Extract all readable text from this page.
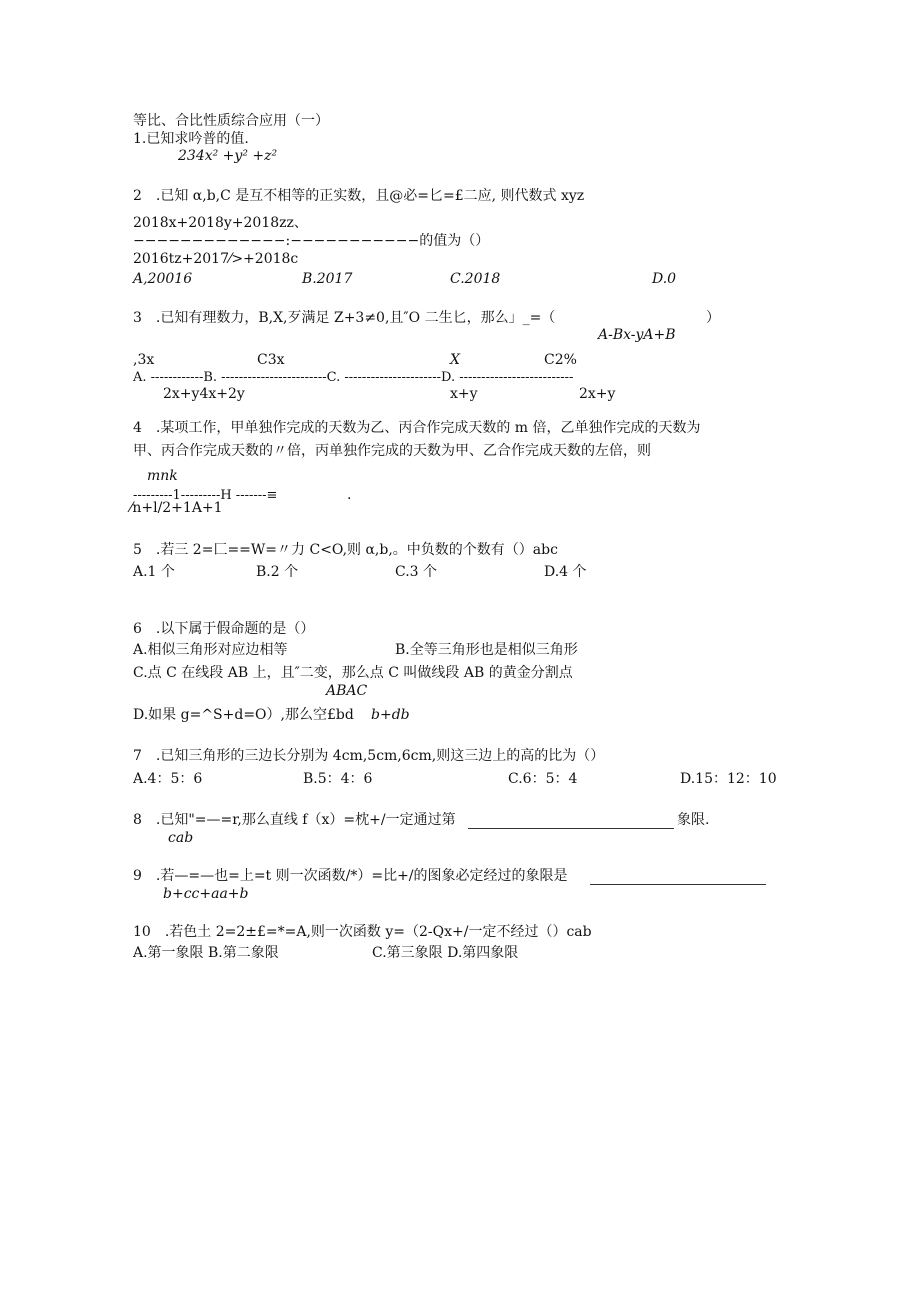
等比、合比性质综合应用（一）
1.已知求吟普的值.
234x² +y² +z²
2　.已知 α,b,C 是互不相等的正实数，且@必=匕=£二应, 则代数式 xyz
2018x+2018y+2018zz、
−−−−−−−−−−−−−:−−−−−−−−−−−的值为（）
2016tz+2017⁄>+2018c
A,20016	B.2017	C.2018	D.0
3　.已知有理数力，B,X,歹满足 Z+3≠0,且″O 二生匕，那么」_=（	）
A-Bx-yA+B
,3x	C3x	X	C2%
A. ------------B. ------------------------C. ----------------------D. --------------------------
2x+y4x+2y	x+y	2x+y
4　.某项工作，甲单独作完成的天数为乙、丙合作完成天数的 m 倍，乙单独作完成的天数为
甲、丙合作完成天数的〃倍，丙单独作完成的天数为甲、乙合作完成天数的左倍，则
mnk
---------1---------H -------≡	.
⁄n+l/2+1A+1
5　.若三 2=匚==W=〃力 C<O,则 α,b,。中负数的个数有（）abc
A.1 个	B.2 个	C.3 个	D.4 个
6　.以下属于假命题的是（）
A.相似三角形对应边相等	B.全等三角形也是相似三角形
C.点 C 在线段 AB 上，且″二变，那么点 C 叫做线段 AB 的黄金分割点
ABAC
D.如果 g=^S+d=O）,那么空£bd b+db
7　.已知三角形的三边长分别为 4cm,5cm,6cm,则这三边上的高的比为（）
A.4：5：6	B.5：4：6	C.6：5：4	D.15：12：10
8　.已知"=—=r,那么直线 f（x）=枕+/一定通过第	象限.
cab
9　.若—=—也=上=t 则一次函数/*）=比+/的图象必定经过的象限是
b+cc+aa+b
10　.若色土 2=2±£=*=A,则一次函数 y=（2-Qx+/一定不经过（）cab
A.第一象限 B.第二象限	C.第三象限 D.第四象限
